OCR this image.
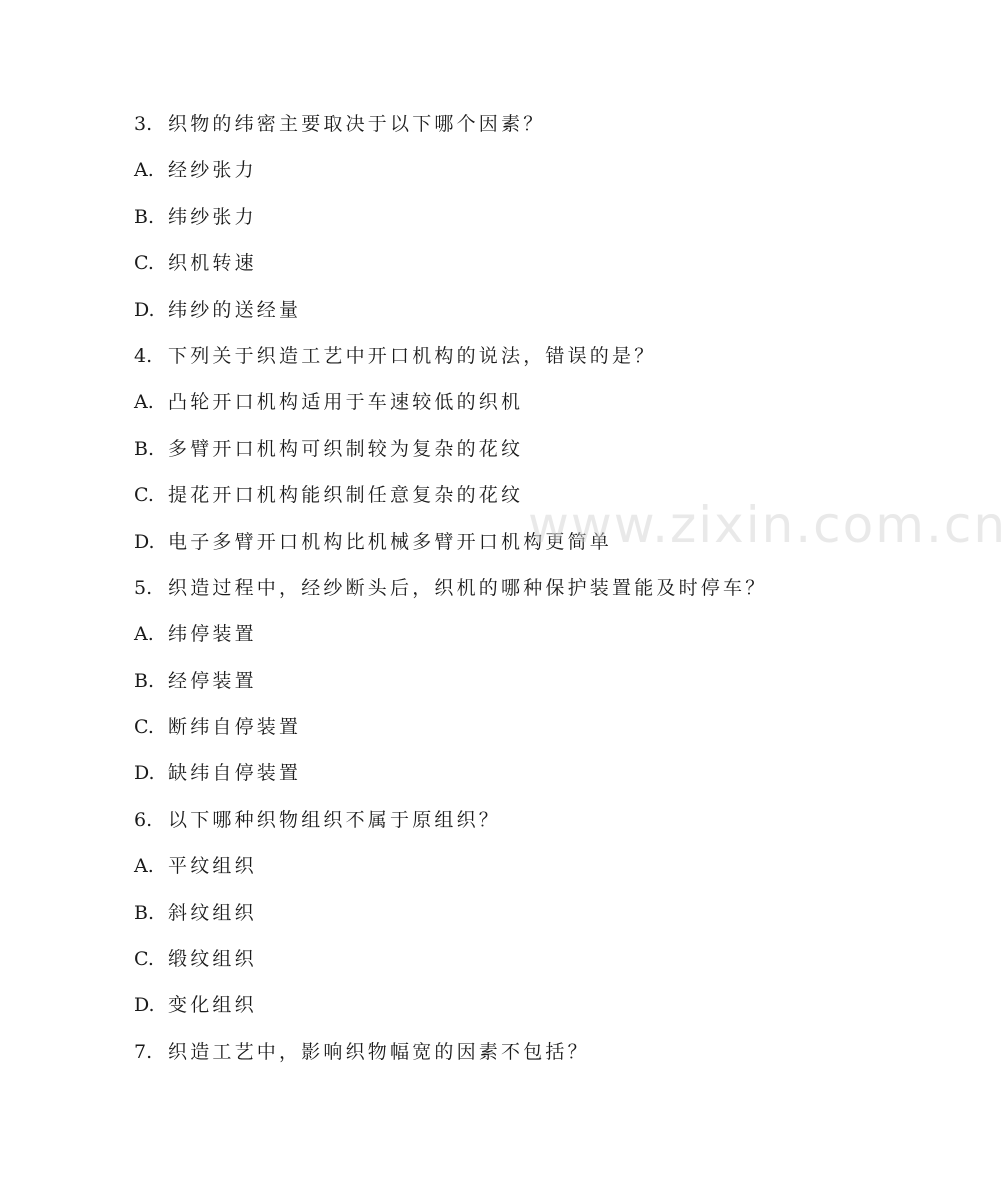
3. 织物的纬密主要取决于以下哪个因素？
A. 经纱张力
B. 纬纱张力
C. 织机转速
D. 纬纱的送经量
4. 下列关于织造工艺中开口机构的说法，错误的是？
A. 凸轮开口机构适用于车速较低的织机
B. 多臂开口机构可织制较为复杂的花纹
C. 提花开口机构能织制任意复杂的花纹
D. 电子多臂开口机构比机械多臂开口机构更简单
5. 织造过程中，经纱断头后，织机的哪种保护装置能及时停车？
A. 纬停装置
B. 经停装置
C. 断纬自停装置
D. 缺纬自停装置
6. 以下哪种织物组织不属于原组织？
A. 平纹组织
B. 斜纹组织
C. 缎纹组织
D. 变化组织
7. 织造工艺中，影响织物幅宽的因素不包括？
www.zixin.com.cn
